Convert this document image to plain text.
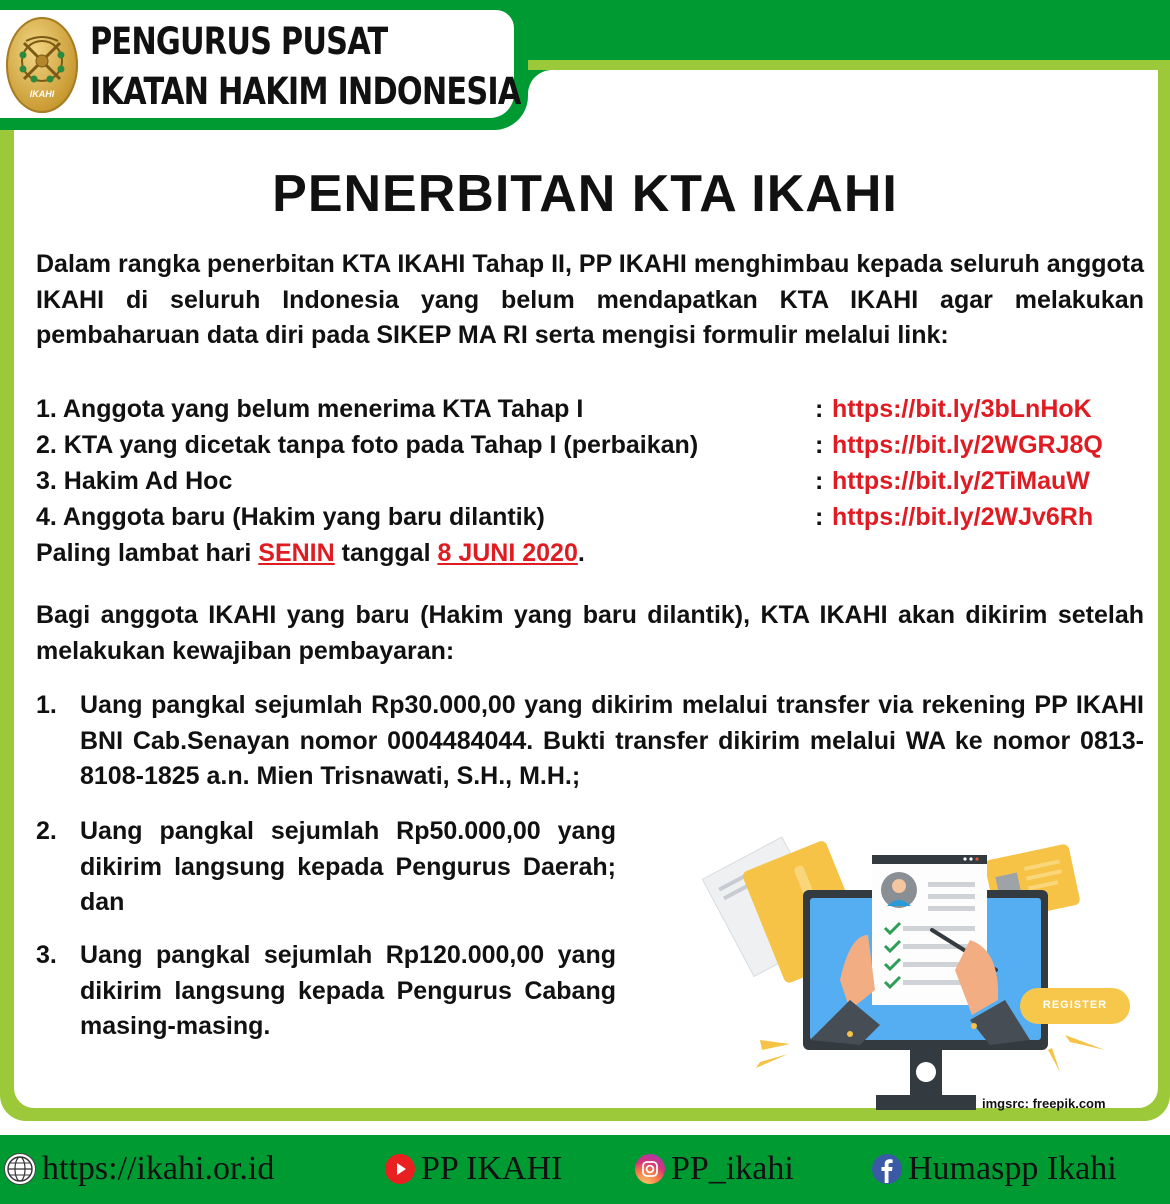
IKAHI
PENGURUS PUSAT
IKATAN HAKIM INDONESIA
PENERBITAN KTA IKAHI
Dalam rangka penerbitan KTA IKAHI Tahap II, PP IKAHI menghimbau kepada seluruh anggota IKAHI di seluruh Indonesia yang belum mendapatkan KTA IKAHI agar melakukan pembaharuan data diri pada SIKEP MA RI serta mengisi formulir melalui link:
1. Anggota yang belum menerima KTA Tahap I	: https://bit.ly/3bLnHoK
2. KTA yang dicetak tanpa foto pada Tahap I (perbaikan)	: https://bit.ly/2WGRJ8Q
3. Hakim Ad Hoc	: https://bit.ly/2TiMauW
4. Anggota baru (Hakim yang baru dilantik)	: https://bit.ly/2WJv6Rh
Paling lambat hari SENIN tanggal 8 JUNI 2020.
Bagi anggota IKAHI yang baru (Hakim yang baru dilantik), KTA IKAHI akan dikirim setelah melakukan kewajiban pembayaran:
1. Uang pangkal sejumlah Rp30.000,00 yang dikirim melalui transfer via rekening PP IKAHI BNI Cab.Senayan nomor 0004484044. Bukti transfer dikirim melalui WA ke nomor 0813-8108-1825 a.n. Mien Trisnawati, S.H., M.H.;
2. Uang pangkal sejumlah Rp50.000,00 yang dikirim langsung kepada Pengurus Daerah; dan
3. Uang pangkal sejumlah Rp120.000,00 yang dikirim langsung kepada Pengurus Cabang masing-masing.
REGISTER
imgsrc: freepik.com
https://ikahi.or.id	PP IKAHI	PP_ikahi	Humaspp Ikahi
